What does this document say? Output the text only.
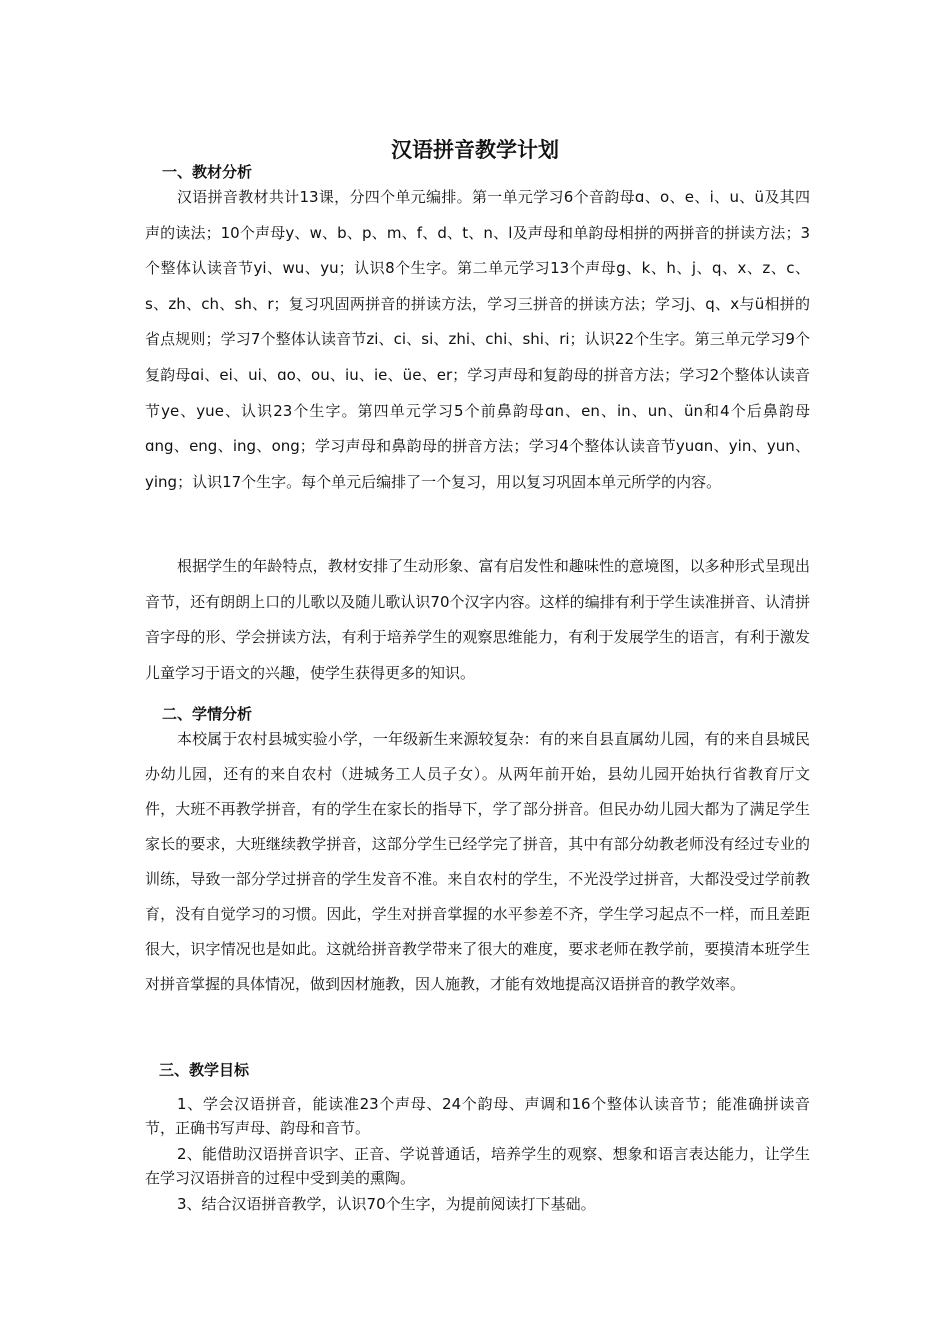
汉语拼音教学计划
一、教材分析

汉语拼音教材共计13课，分四个单元编排。第一单元学习6个音韵母ɑ、o、e、i、u、ü及其四声的读法；10个声母y、w、b、p、m、f、d、t、n、l及声母和单韵母相拼的两拼音的拼读方法；3个整体认读音节yi、wu、yu；认识8个生字。第二单元学习13个声母g、k、h、j、q、x、z、c、s、zh、ch、sh、r；复习巩固两拼音的拼读方法，学习三拼音的拼读方法；学习j、q、x与ü相拼的省点规则；学习7个整体认读音节zi、ci、si、zhi、chi、shi、ri；认识22个生字。第三单元学习9个复韵母ɑi、ei、ui、ɑo、ou、iu、ie、üe、er；学习声母和复韵母的拼音方法；学习2个整体认读音节ye、yue、认识23个生字。第四单元学习5个前鼻韵母ɑn、en、in、un、ün和4个后鼻韵母ɑng、eng、ing、ong；学习声母和鼻韵母的拼音方法；学习4个整体认读音节yuɑn、yin、yun、ying；认识17个生字。每个单元后编排了一个复习，用以复习巩固本单元所学的内容。

根据学生的年龄特点，教材安排了生动形象、富有启发性和趣味性的意境图，以多种形式呈现出音节，还有朗朗上口的儿歌以及随儿歌认识70个汉字内容。这样的编排有利于学生读准拼音、认清拼音字母的形、学会拼读方法，有利于培养学生的观察思维能力，有利于发展学生的语言，有利于激发儿童学习于语文的兴趣，使学生获得更多的知识。

二、学情分析

本校属于农村县城实验小学，一年级新生来源较复杂：有的来自县直属幼儿园，有的来自县城民办幼儿园，还有的来自农村（进城务工人员子女）。从两年前开始，县幼儿园开始执行省教育厅文件，大班不再教学拼音，有的学生在家长的指导下，学了部分拼音。但民办幼儿园大都为了满足学生家长的要求，大班继续教学拼音，这部分学生已经学完了拼音，其中有部分幼教老师没有经过专业的训练，导致一部分学过拼音的学生发音不准。来自农村的学生，不光没学过拼音，大都没受过学前教育，没有自觉学习的习惯。因此，学生对拼音掌握的水平参差不齐，学生学习起点不一样，而且差距很大，识字情况也是如此。这就给拼音教学带来了很大的难度，要求老师在教学前，要摸清本班学生对拼音掌握的具体情况，做到因材施教，因人施教，才能有效地提高汉语拼音的教学效率。

三、教学目标

1、学会汉语拼音，能读准23个声母、24个韵母、声调和16个整体认读音节；能准确拼读音节，正确书写声母、韵母和音节。

2、能借助汉语拼音识字、正音、学说普通话，培养学生的观察、想象和语言表达能力，让学生在学习汉语拼音的过程中受到美的熏陶。

3、结合汉语拼音教学，认识70个生字，为提前阅读打下基础。
